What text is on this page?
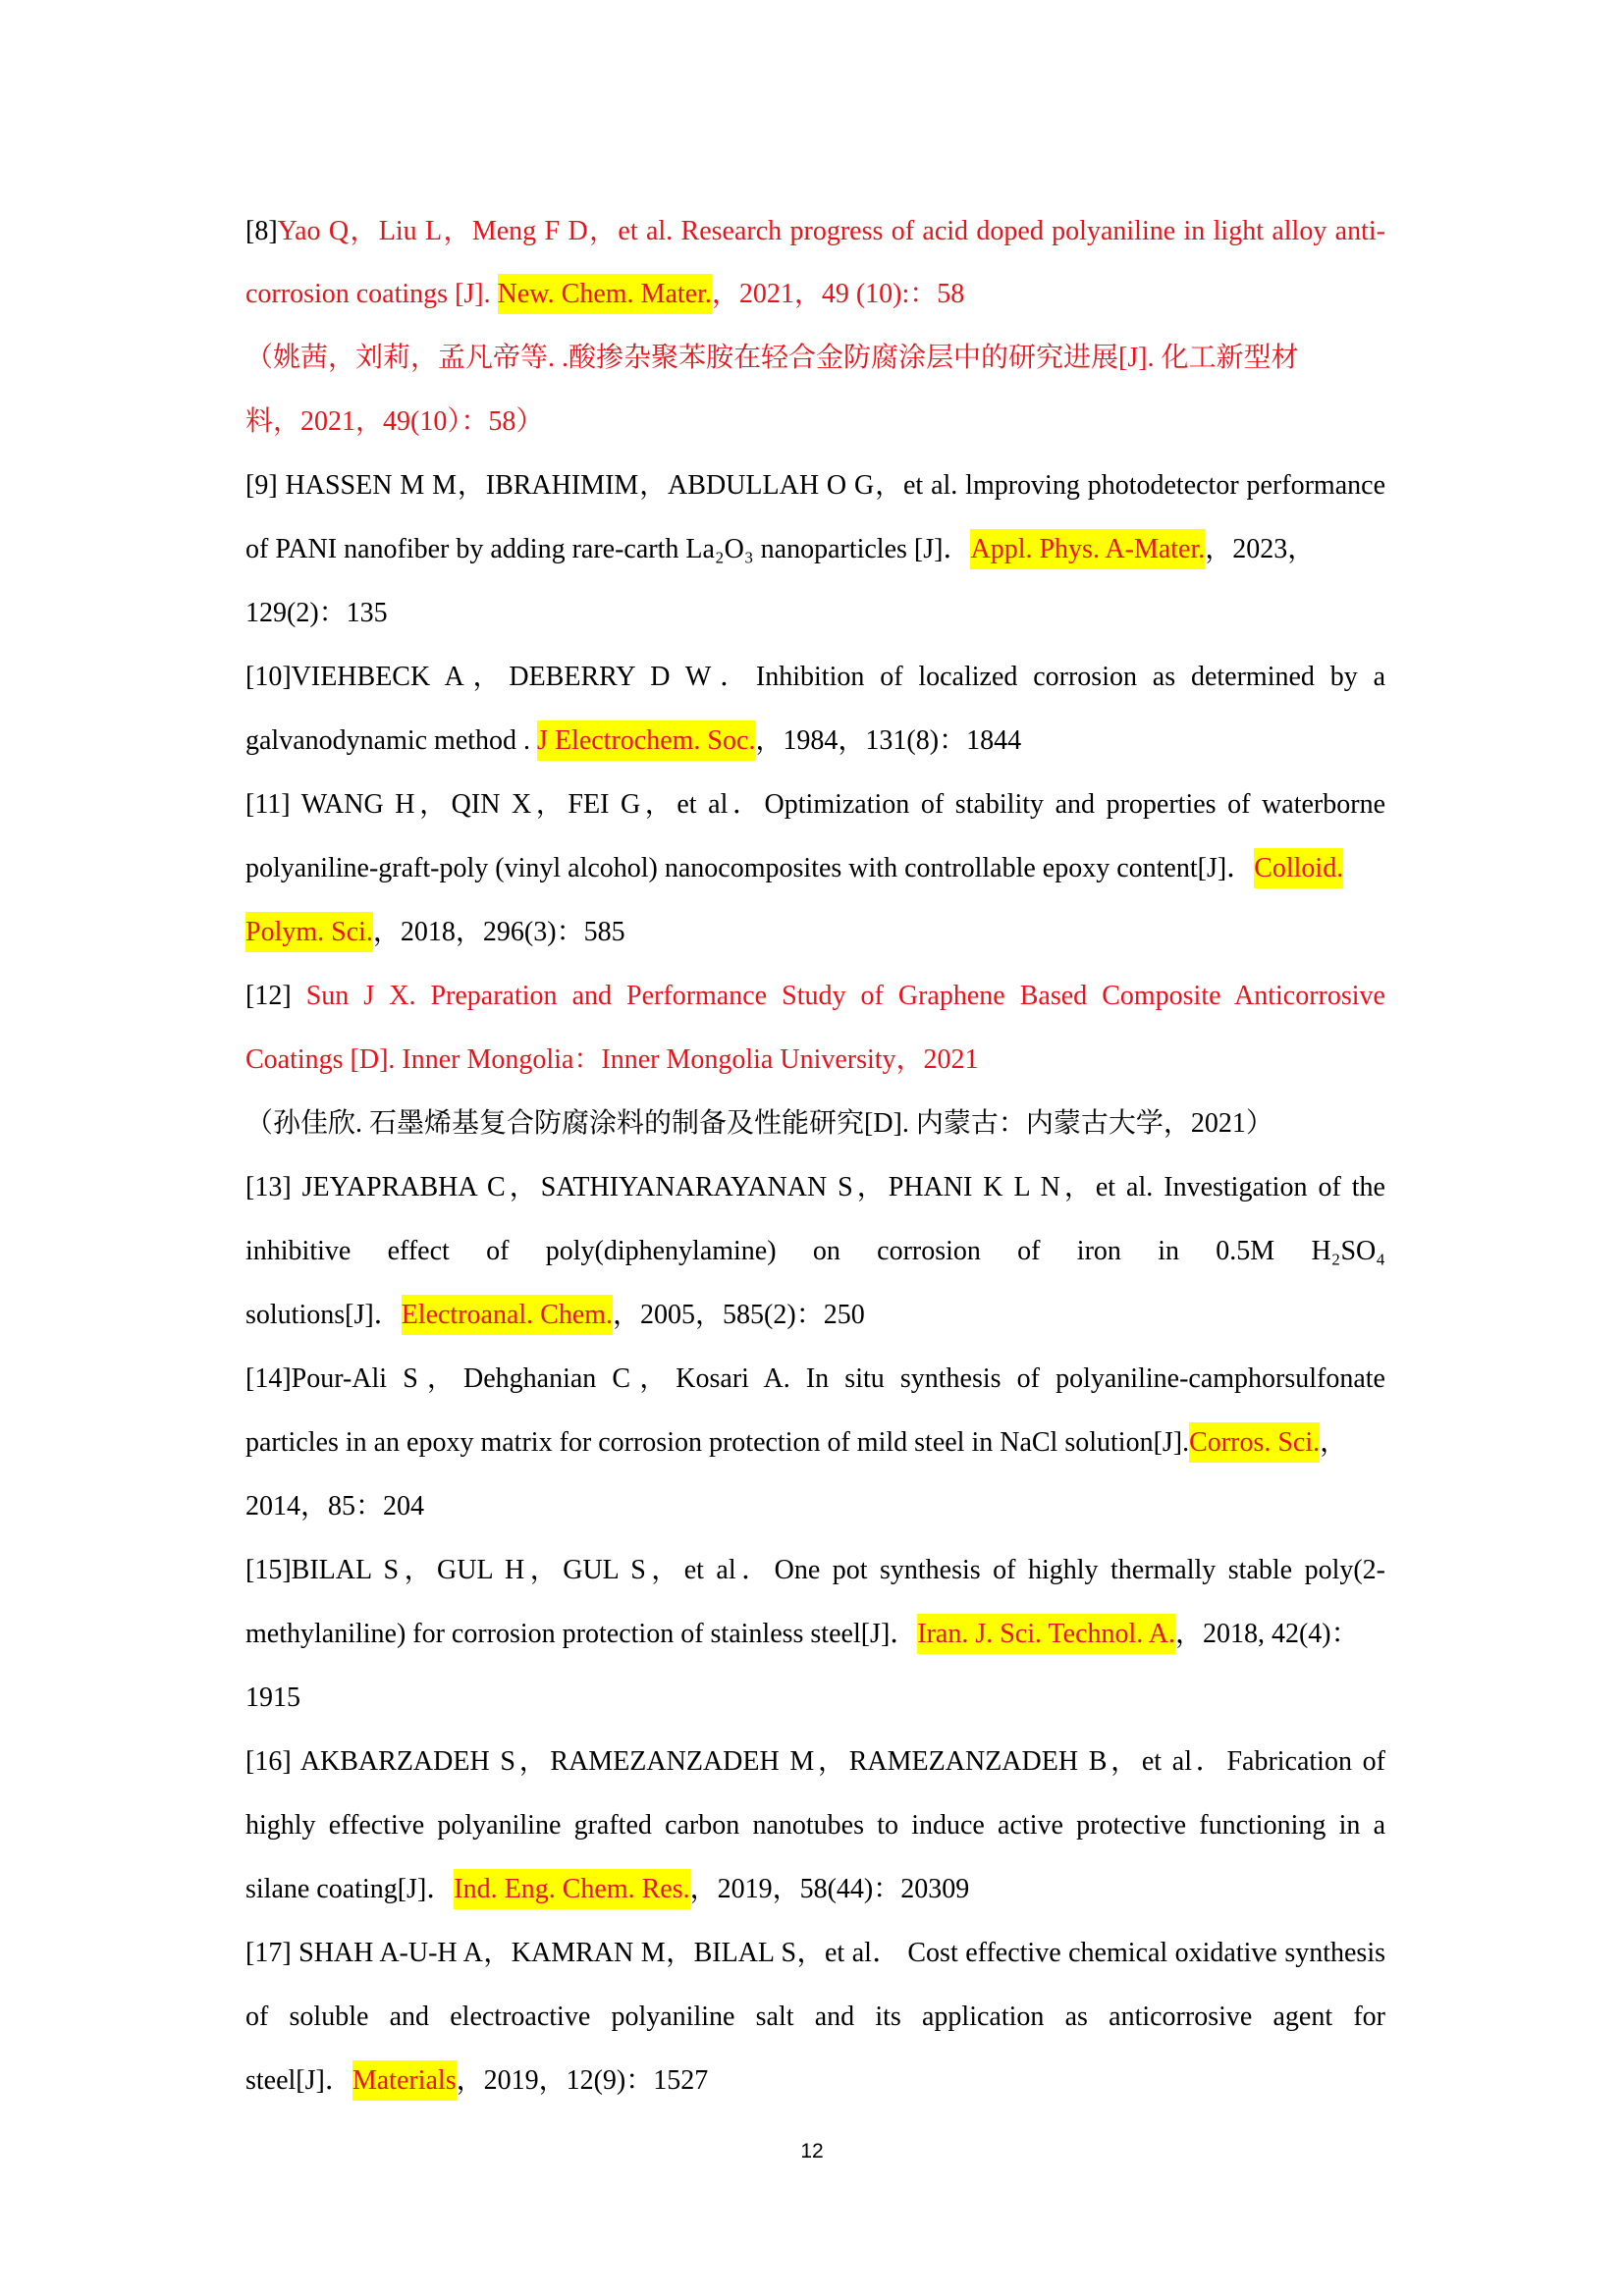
[8]Yao Q，Liu L，Meng F D，et al. Research progress of acid doped polyaniline in light alloy anti-
corrosion coatings [J]. New. Chem. Mater.，2021，49 (10):：58
（姚茜，刘莉，孟凡帝等. .酸掺杂聚苯胺在轻合金防腐涂层中的研究进展[J]. 化工新型材
料，2021，49(10）：58）
[9] HASSEN M M，IBRAHIMIM，ABDULLAH O G，et al. lmproving photodetector performance
of PANI nanofiber by adding rare-carth La₂O₃ nanoparticles [J]．Appl. Phys. A-Mater.，2023，
129(2)：135
[10]VIEHBECK A，DEBERRY D W．Inhibition of localized corrosion as determined by a
galvanodynamic method . J Electrochem. Soc.，1984，131(8)：1844
[11] WANG H，QIN X，FEI G，et al．Optimization of stability and properties of waterborne
polyaniline-graft-poly (vinyl alcohol) nanocomposites with controllable epoxy content[J]．Colloid.
Polym. Sci.，2018，296(3)：585
[12] Sun J X. Preparation and Performance Study of Graphene Based Composite Anticorrosive
Coatings [D]. Inner Mongolia：Inner Mongolia University，2021
（孙佳欣. 石墨烯基复合防腐涂料的制备及性能研究[D]. 内蒙古：内蒙古大学，2021）
[13] JEYAPRABHA C，SATHIYANARAYANAN S，PHANI K L N，et al. Investigation of the
inhibitive effect of poly(diphenylamine) on corrosion of iron in 0.5M H₂SO₄
solutions[J]．Electroanal. Chem.，2005，585(2)：250
[14]Pour-Ali S，Dehghanian C，Kosari A. In situ synthesis of polyaniline-camphorsulfonate
particles in an epoxy matrix for corrosion protection of mild steel in NaCl solution[J].Corros. Sci.，
2014，85：204
[15]BILAL S，GUL H，GUL S，et al．One pot synthesis of highly thermally stable poly(2-
methylaniline) for corrosion protection of stainless steel[J]．Iran. J. Sci. Technol. A.，2018, 42(4)：
1915
[16] AKBARZADEH S，RAMEZANZADEH M，RAMEZANZADEH B，et al．Fabrication of
highly effective polyaniline grafted carbon nanotubes to induce active protective functioning in a
silane coating[J]．Ind. Eng. Chem. Res.，2019，58(44)：20309
[17] SHAH A-U-H A，KAMRAN M，BILAL S，et al． Cost effective chemical oxidative synthesis
of soluble and electroactive polyaniline salt and its application as anticorrosive agent for
steel[J]．Materials，2019，12(9)：1527
12
